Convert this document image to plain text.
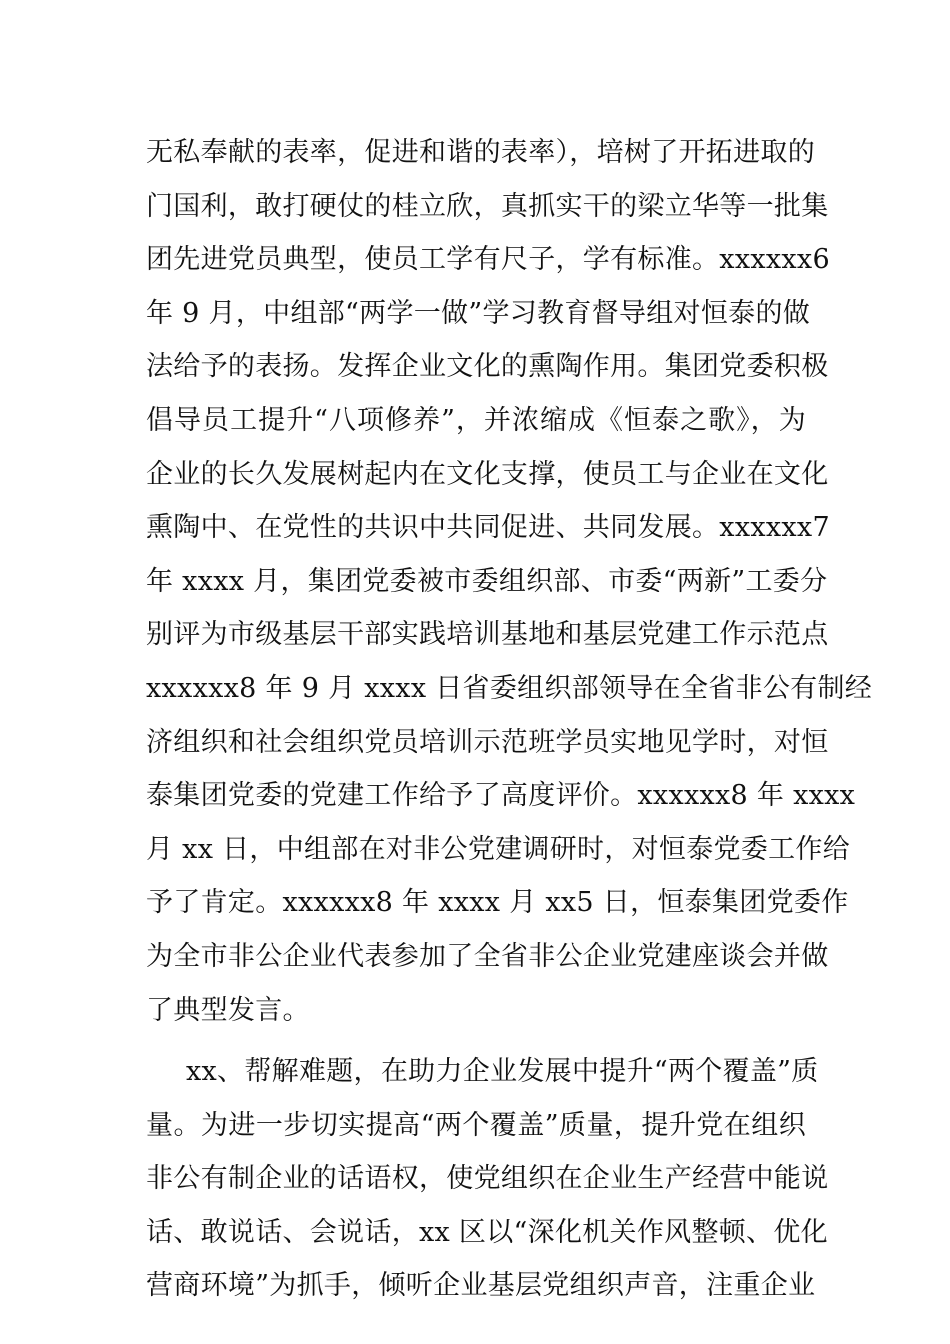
无私奉献的表率，促进和谐的表率），培树了开拓进取的
门国利，敢打硬仗的桂立欣，真抓实干的梁立华等一批集
团先进党员典型，使员工学有尺子，学有标准。xxxxxx6
年 9 月，中组部“两学一做”学习教育督导组对恒泰的做
法给予的表扬。发挥企业文化的熏陶作用。集团党委积极
倡导员工提升“八项修养”，并浓缩成《恒泰之歌》，为
企业的长久发展树起内在文化支撑，使员工与企业在文化
熏陶中、在党性的共识中共同促进、共同发展。xxxxxx7
年 xxxx 月，集团党委被市委组织部、市委“两新”工委分
别评为市级基层干部实践培训基地和基层党建工作示范点
xxxxxx8 年 9 月 xxxx 日省委组织部领导在全省非公有制经
济组织和社会组织党员培训示范班学员实地见学时，对恒
泰集团党委的党建工作给予了高度评价。xxxxxx8 年 xxxx
月 xx 日，中组部在对非公党建调研时，对恒泰党委工作给
予了肯定。xxxxxx8 年 xxxx 月 xx5 日，恒泰集团党委作
为全市非公企业代表参加了全省非公企业党建座谈会并做
了典型发言。
xx、帮解难题，在助力企业发展中提升“两个覆盖”质
量。为进一步切实提高“两个覆盖”质量，提升党在组织
非公有制企业的话语权，使党组织在企业生产经营中能说
话、敢说话、会说话，xx 区以“深化机关作风整顿、优化
营商环境”为抓手，倾听企业基层党组织声音，注重企业
